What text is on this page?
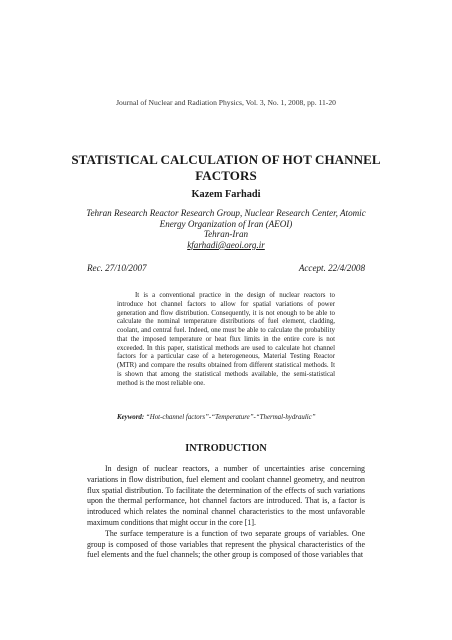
Journal of Nuclear and Radiation Physics, Vol. 3, No. 1, 2008, pp. 11-20
STATISTICAL CALCULATION OF HOT CHANNEL FACTORS
Kazem Farhadi
Tehran Research Reactor Research Group, Nuclear Research Center, Atomic
Energy Organization of Iran (AEOI)
Tehran-Iran
kfarhadi@aeoi.org.ir
Rec. 27/10/2007	Accept. 22/4/2008

It is a conventional practice in the design of nuclear reactors to introduce hot channel factors to allow for spatial variations of power generation and flow distribution. Consequently, it is not enough to be able to calculate the nominal temperature distributions of fuel element, cladding, coolant, and central fuel. Indeed, one must be able to calculate the probability that the imposed temperature or heat flux limits in the entire core is not exceeded. In this paper, statistical methods are used to calculate hot channel factors for a particular case of a heterogeneous, Material Testing Reactor (MTR) and compare the results obtained from different statistical methods. It is shown that among the statistical methods available, the semi-statistical method is the most reliable one.

Keyword: “Hot-channel factors”-“Temperature”-“Thermal-hydraulic”
INTRODUCTION

In design of nuclear reactors, a number of uncertainties arise concerning variations in flow distribution, fuel element and coolant channel geometry, and neutron flux spatial distribution. To facilitate the determination of the effects of such variations upon the thermal performance, hot channel factors are introduced. That is, a factor is introduced which relates the nominal channel characteristics to the most unfavorable maximum conditions that might occur in the core [1].

The surface temperature is a function of two separate groups of variables. One group is composed of those variables that represent the physical characteristics of the fuel elements and the fuel channels; the other group is composed of those variables that
